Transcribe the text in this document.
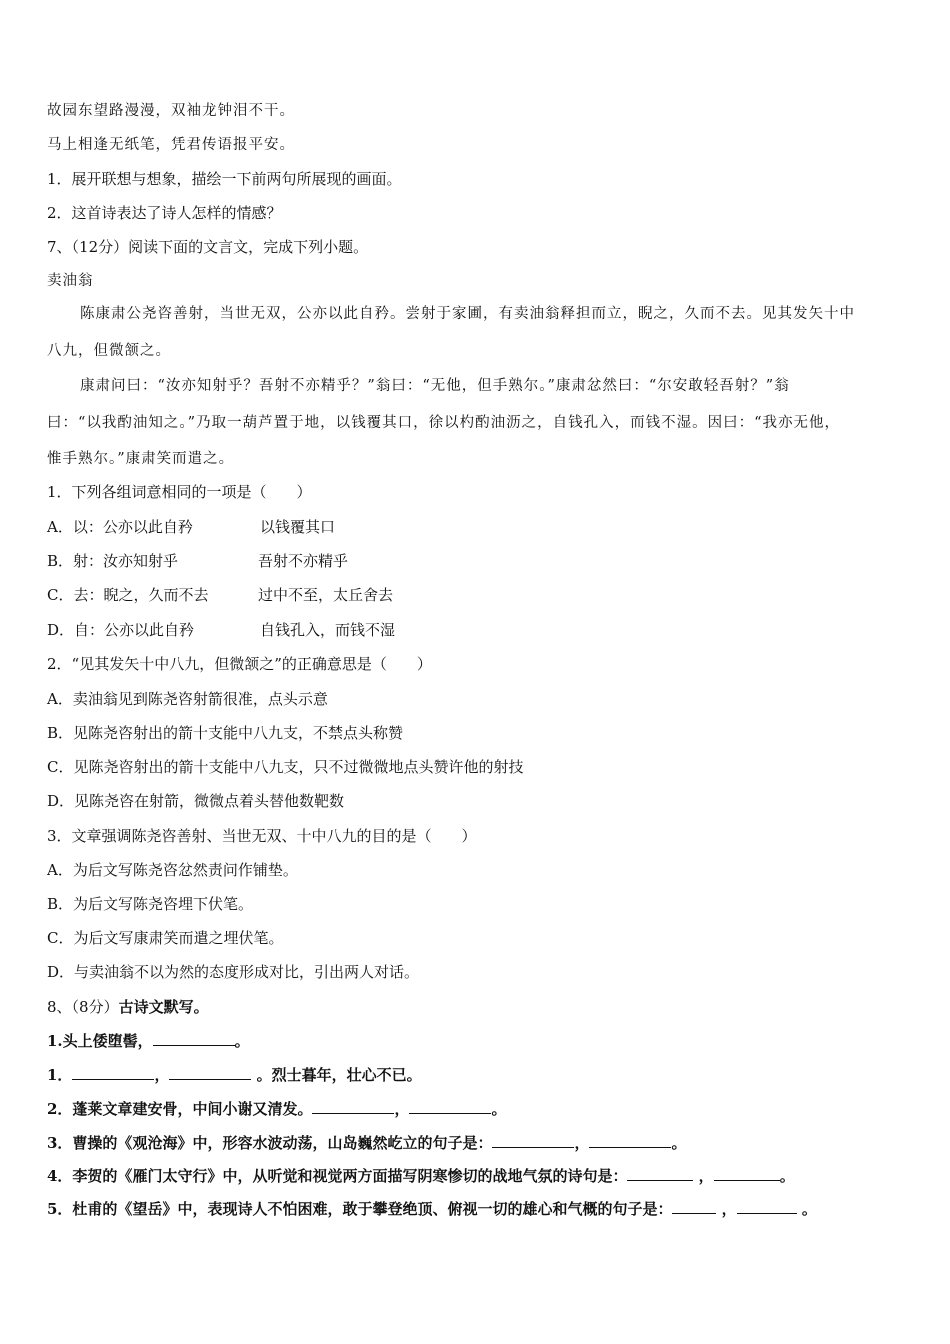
故园东望路漫漫，双袖龙钟泪不干。
马上相逢无纸笔，凭君传语报平安。
1．展开联想与想象，描绘一下前两句所展现的画面。
2．这首诗表达了诗人怎样的情感？
7、（12分）阅读下面的文言文，完成下列小题。
卖油翁
陈康肃公尧咨善射，当世无双，公亦以此自矜。尝射于家圃，有卖油翁释担而立，睨之，久而不去。见其发矢十中
八九，但微颔之。
康肃问曰：“汝亦知射乎？吾射不亦精乎？”翁曰：“无他，但手熟尔。”康肃忿然曰：“尔安敢轻吾射？”翁
曰：“以我酌油知之。”乃取一葫芦置于地，以钱覆其口，徐以杓酌油沥之，自钱孔入，而钱不湿。因曰：“我亦无他，
惟手熟尔。”康肃笑而遣之。
1．下列各组词意相同的一项是（　　）
A．以：公亦以此自矜	以钱覆其口
B．射：汝亦知射乎	吾射不亦精乎
C．去：睨之，久而不去	过中不至，太丘舍去
D．自：公亦以此自矜	自钱孔入，而钱不湿
2．“见其发矢十中八九，但微颔之”的正确意思是（　　）
A．卖油翁见到陈尧咨射箭很准，点头示意
B．见陈尧咨射出的箭十支能中八九支，不禁点头称赞
C．见陈尧咨射出的箭十支能中八九支，只不过微微地点头赞许他的射技
D．见陈尧咨在射箭，微微点着头替他数靶数
3．文章强调陈尧咨善射、当世无双、十中八九的目的是（　　）
A．为后文写陈尧咨忿然责问作铺垫。
B．为后文写陈尧咨埋下伏笔。
C．为后文写康肃笑而遣之埋伏笔。
D．与卖油翁不以为然的态度形成对比，引出两人对话。
8、（8分）古诗文默写。
1.头上倭堕髻，	。
1．	，	。烈士暮年，壮心不已。
2．蓬莱文章建安骨，中间小谢又清发。	，	。
3．曹操的《观沧海》中，形容水波动荡，山岛巍然屹立的句子是：	，	。
4．李贺的《雁门太守行》中，从听觉和视觉两方面描写阴寒惨切的战地气氛的诗句是：	，	。
5．杜甫的《望岳》中，表现诗人不怕困难，敢于攀登绝顶、俯视一切的雄心和气概的句子是：	，	。
